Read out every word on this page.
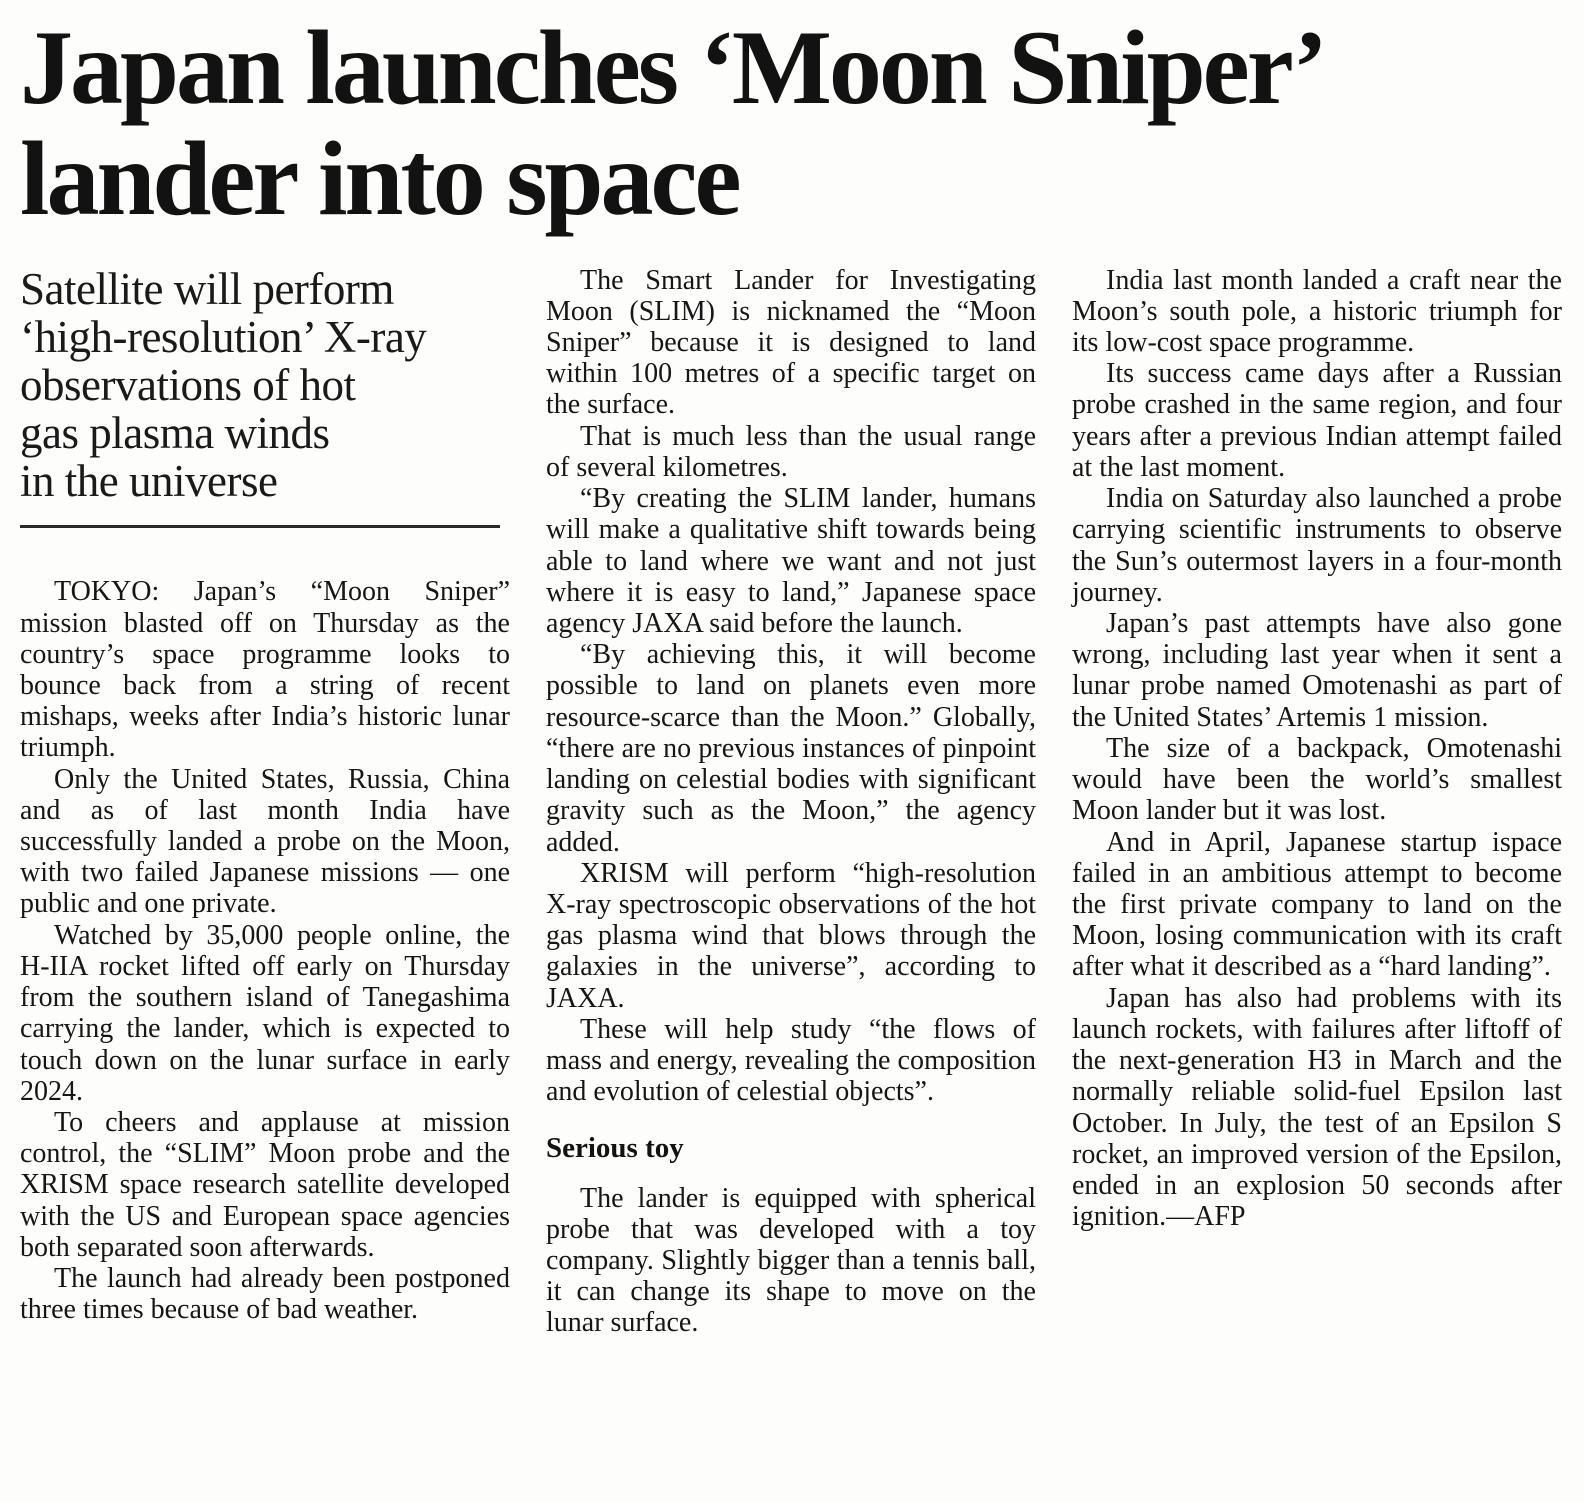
Japan launches ‘Moon Sniper’
lander into space
Satellite will perform
‘high-resolution’ X-ray
observations of hot
gas plasma winds
in the universe

TOKYO: Japan’s “Moon Sniper” mission blasted off on Thursday as the country’s space programme looks to bounce back from a string of recent mishaps, weeks after India’s historic lunar triumph.

Only the United States, Russia, China and as of last month India have successfully landed a probe on the Moon, with two failed Japanese missions — one public and one private.

Watched by 35,000 people online, the H-IIA rocket lifted off early on Thursday from the southern island of Tanegashima carrying the lander, which is expected to touch down on the lunar surface in early 2024.

To cheers and applause at mission control, the “SLIM” Moon probe and the XRISM space research satellite developed with the US and European space agencies both separated soon afterwards.

The launch had already been postponed three times because of bad weather.

The Smart Lander for Investigating Moon (SLIM) is nicknamed the “Moon Sniper” because it is designed to land within 100 metres of a specific target on the surface.

That is much less than the usual range of several kilometres.

“By creating the SLIM lander, humans will make a qualitative shift towards being able to land where we want and not just where it is easy to land,” Japanese space agency JAXA said before the launch.

“By achieving this, it will become possible to land on planets even more resource-scarce than the Moon.” Globally, “there are no previous instances of pinpoint landing on celestial bodies with significant gravity such as the Moon,” the agency added.

XRISM will perform “high-resolution X-ray spectroscopic observations of the hot gas plasma wind that blows through the galaxies in the universe”, according to JAXA.

These will help study “the flows of mass and energy, revealing the composition and evolution of celestial objects”.

Serious toy

The lander is equipped with spherical probe that was developed with a toy company. Slightly bigger than a tennis ball, it can change its shape to move on the lunar surface.

India last month landed a craft near the Moon’s south pole, a historic triumph for its low-cost space programme.

Its success came days after a Russian probe crashed in the same region, and four years after a previous Indian attempt failed at the last moment.

India on Saturday also launched a probe carrying scientific instruments to observe the Sun’s outermost layers in a four-month journey.

Japan’s past attempts have also gone wrong, including last year when it sent a lunar probe named Omotenashi as part of the United States’ Artemis 1 mission.

The size of a backpack, Omotenashi would have been the world’s smallest Moon lander but it was lost.

And in April, Japanese startup ispace failed in an ambitious attempt to become the first private company to land on the Moon, losing communication with its craft after what it described as a “hard landing”.

Japan has also had problems with its launch rockets, with failures after liftoff of the next-generation H3 in March and the normally reliable solid-fuel Epsilon last October. In July, the test of an Epsilon S rocket, an improved version of the Epsilon, ended in an explosion 50 seconds after ignition.—AFP
